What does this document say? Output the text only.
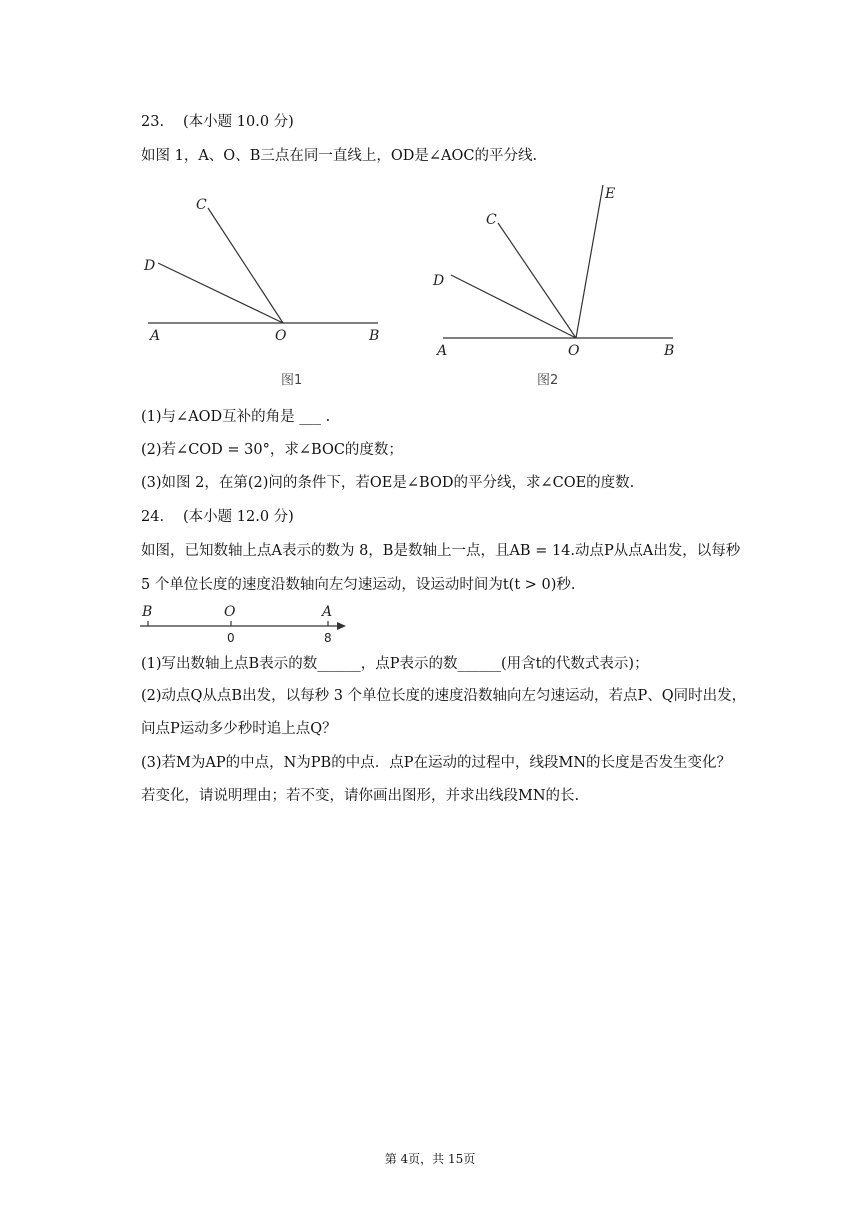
23. (本小题 10.0 分)
如图 1，A、O、B三点在同一直线上，OD是∠AOC的平分线.
C
D
A	O	B
图1
C
D
E
A	O	B
图2
(1)与∠AOD互补的角是 ___ .
(2)若∠COD = 30°，求∠BOC的度数；
(3)如图 2，在第(2)问的条件下，若OE是∠BOD的平分线，求∠COE的度数.
24. (本小题 12.0 分)
如图，已知数轴上点A表示的数为 8，B是数轴上一点，且AB = 14.动点P从点A出发，以每秒
5 个单位长度的速度沿数轴向左匀速运动，设运动时间为t(t > 0)秒.
B	O	A
0	8
(1)写出数轴上点B表示的数______，点P表示的数______(用含t的代数式表示)；
(2)动点Q从点B出发，以每秒 3 个单位长度的速度沿数轴向左匀速运动，若点P、Q同时出发，
问点P运动多少秒时追上点Q？
(3)若M为AP的中点，N为PB的中点．点P在运动的过程中，线段MN的长度是否发生变化？
若变化，请说明理由；若不变，请你画出图形，并求出线段MN的长.
第 4页，共 15页
